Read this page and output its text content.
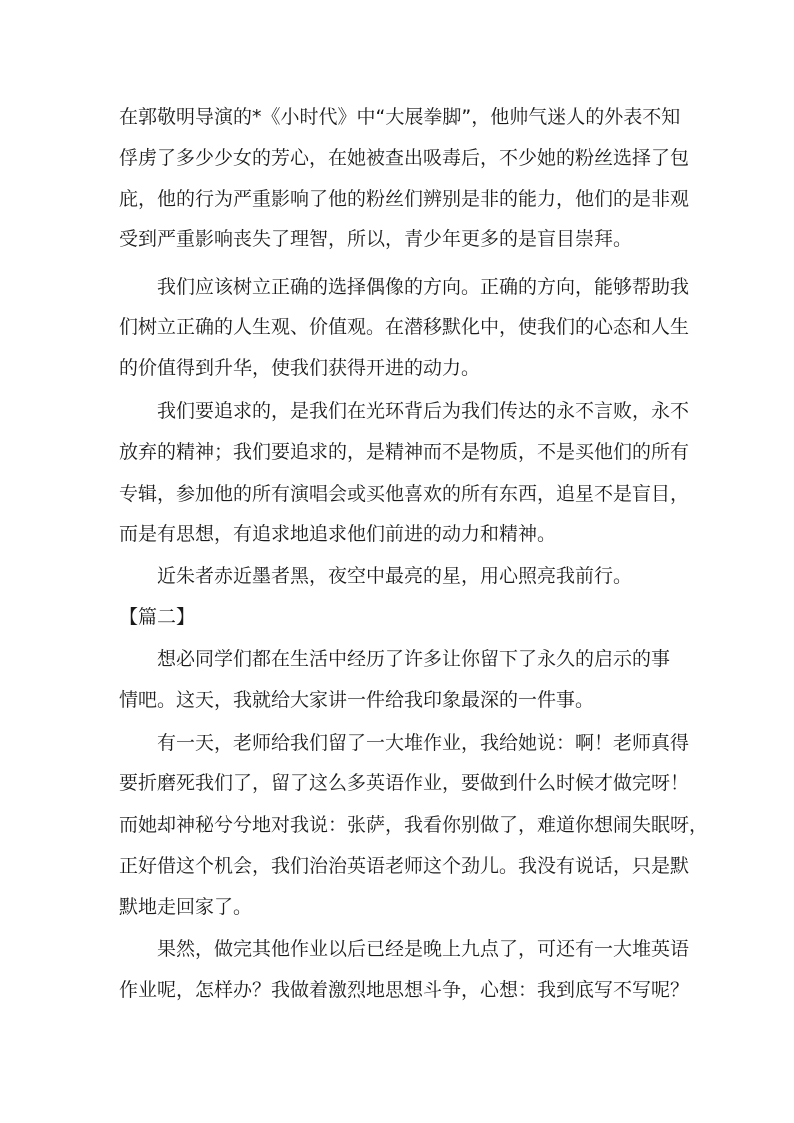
在郭敬明导演的*《小时代》中“大展拳脚”，他帅气迷人的外表不知
俘虏了多少少女的芳心，在她被查出吸毒后，不少她的粉丝选择了包
庇，他的行为严重影响了他的粉丝们辨别是非的能力，他们的是非观
受到严重影响丧失了理智，所以，青少年更多的是盲目崇拜。
我们应该树立正确的选择偶像的方向。正确的方向，能够帮助我
们树立正确的人生观、价值观。在潜移默化中，使我们的心态和人生
的价值得到升华，使我们获得开进的动力。
我们要追求的，是我们在光环背后为我们传达的永不言败，永不
放弃的精神；我们要追求的，是精神而不是物质，不是买他们的所有
专辑，参加他的所有演唱会或买他喜欢的所有东西，追星不是盲目，
而是有思想，有追求地追求他们前进的动力和精神。
近朱者赤近墨者黑，夜空中最亮的星，用心照亮我前行。
【篇二】
想必同学们都在生活中经历了许多让你留下了永久的启示的事
情吧。这天，我就给大家讲一件给我印象最深的一件事。
有一天，老师给我们留了一大堆作业，我给她说：啊！老师真得
要折磨死我们了，留了这么多英语作业，要做到什么时候才做完呀！
而她却神秘兮兮地对我说：张萨，我看你别做了，难道你想闹失眠呀，
正好借这个机会，我们治治英语老师这个劲儿。我没有说话，只是默
默地走回家了。
果然，做完其他作业以后已经是晚上九点了，可还有一大堆英语
作业呢，怎样办？我做着激烈地思想斗争，心想：我到底写不写呢？
